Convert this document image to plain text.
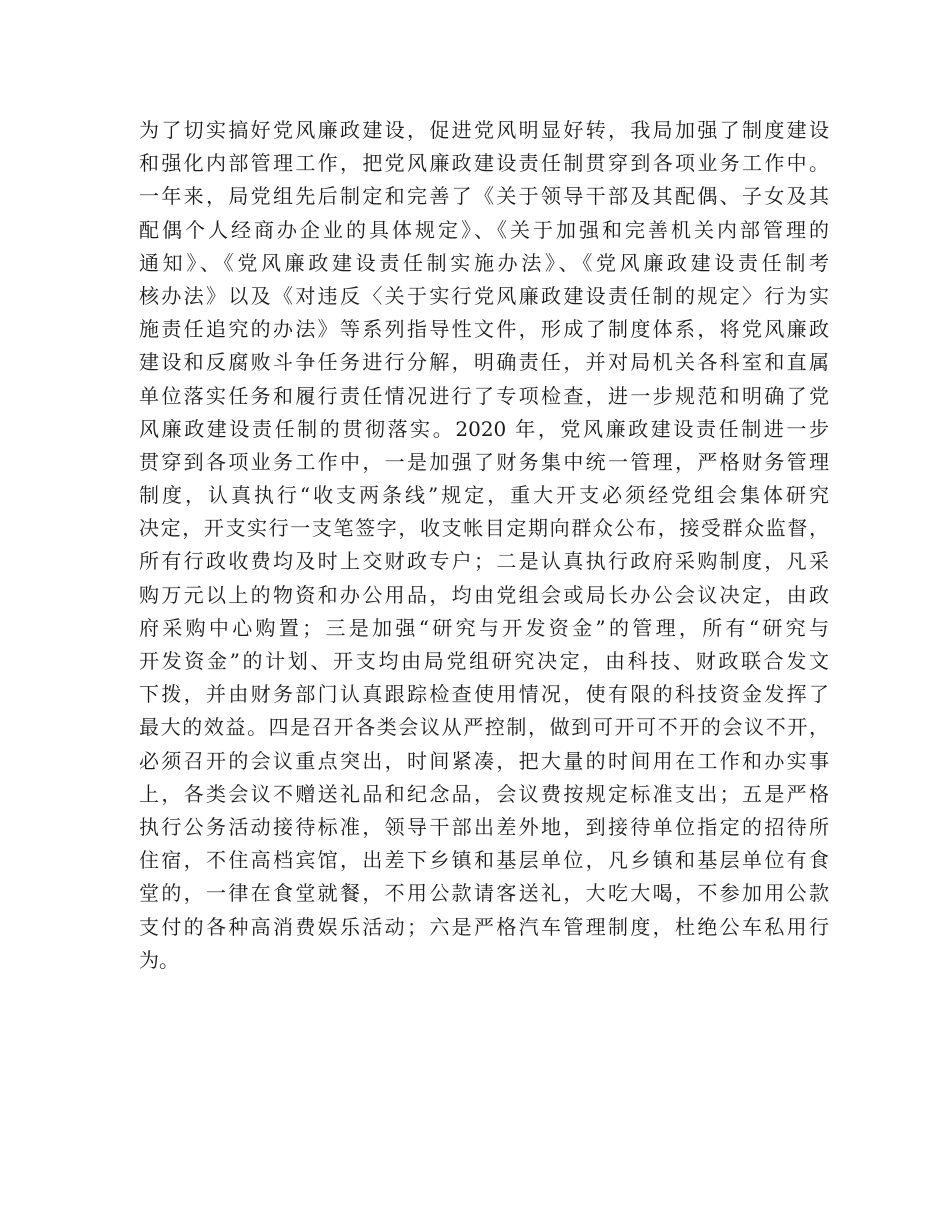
为了切实搞好党风廉政建设，促进党风明显好转，我局加强了制度建设
和强化内部管理工作，把党风廉政建设责任制贯穿到各项业务工作中。
一年来，局党组先后制定和完善了《关于领导干部及其配偶、子女及其
配偶个人经商办企业的具体规定》、《关于加强和完善机关内部管理的
通知》、《党风廉政建设责任制实施办法》、《党风廉政建设责任制考
核办法》以及《对违反〈关于实行党风廉政建设责任制的规定〉行为实
施责任追究的办法》等系列指导性文件，形成了制度体系，将党风廉政
建设和反腐败斗争任务进行分解，明确责任，并对局机关各科室和直属
单位落实任务和履行责任情况进行了专项检查，进一步规范和明确了党
风廉政建设责任制的贯彻落实。2020 年，党风廉政建设责任制进一步
贯穿到各项业务工作中，一是加强了财务集中统一管理，严格财务管理
制度，认真执行“收支两条线”规定，重大开支必须经党组会集体研究
决定，开支实行一支笔签字，收支帐目定期向群众公布，接受群众监督，
所有行政收费均及时上交财政专户；二是认真执行政府采购制度，凡采
购万元以上的物资和办公用品，均由党组会或局长办公会议决定，由政
府采购中心购置；三是加强“研究与开发资金”的管理，所有“研究与
开发资金”的计划、开支均由局党组研究决定，由科技、财政联合发文
下拨，并由财务部门认真跟踪检查使用情况，使有限的科技资金发挥了
最大的效益。四是召开各类会议从严控制，做到可开可不开的会议不开，
必须召开的会议重点突出，时间紧凑，把大量的时间用在工作和办实事
上，各类会议不赠送礼品和纪念品，会议费按规定标准支出；五是严格
执行公务活动接待标准，领导干部出差外地，到接待单位指定的招待所
住宿，不住高档宾馆，出差下乡镇和基层单位，凡乡镇和基层单位有食
堂的，一律在食堂就餐，不用公款请客送礼，大吃大喝，不参加用公款
支付的各种高消费娱乐活动；六是严格汽车管理制度，杜绝公车私用行
为。
